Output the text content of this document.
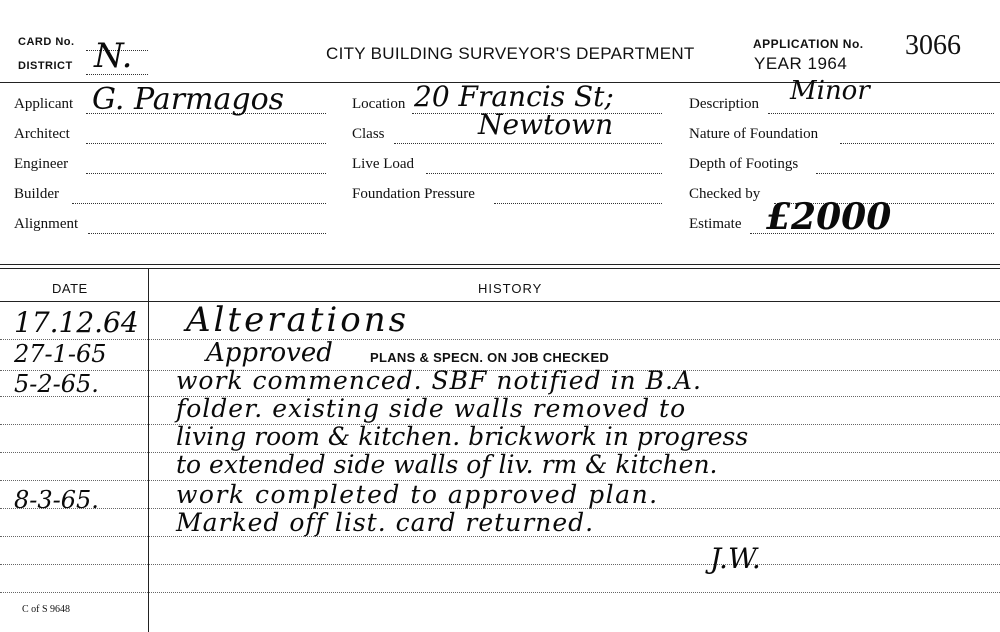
CARD No.
DISTRICT N.	CITY BUILDING SURVEYOR'S DEPARTMENT	APPLICATION No. 3066
YEAR 1964
Applicant G. Parmagos
Architect
Engineer
Builder
Alignment
Location 20 Francis St;
Newtown
Class
Live Load
Foundation Pressure
Description Minor
Nature of Foundation
Depth of Footings
Checked by
Estimate £2000
DATE	HISTORY
17.12.64 Alterations
27-1-65	Approved	PLANS & SPECN. ON JOB CHECKED
5-2-65.	work commenced. SBF notified in B.A.
folder. existing side walls removed to
living room & kitchen. brickwork in progress
to extended side walls of liv. rm & kitchen.
8-3-65.	work completed to approved plan.
Marked off list. card returned.
J.W.
C of S 9648
